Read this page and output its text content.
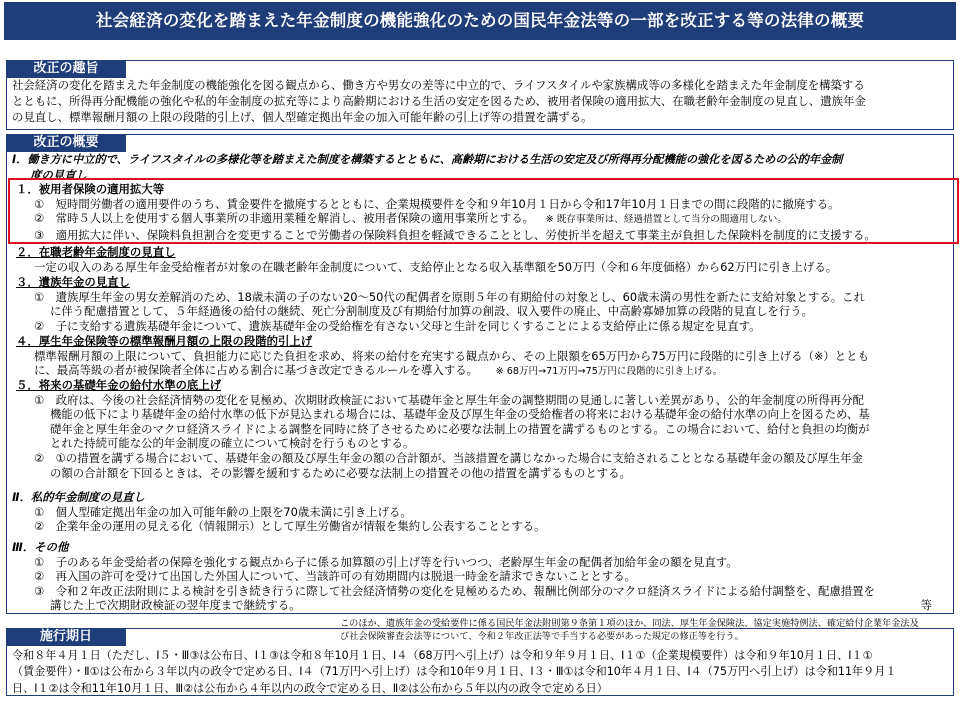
社会経済の変化を踏まえた年金制度の機能強化のための国民年金法等の一部を改正する等の法律の概要
改正の趣旨
社会経済の変化を踏まえた年金制度の機能強化を図る観点から、働き方や男女の差等に中立的で、ライフスタイルや家族構成等の多様化を踏まえた年金制度を構築する
とともに、所得再分配機能の強化や私的年金制度の拡充等により高齢期における生活の安定を図るため、被用者保険の適用拡大、在職老齢年金制度の見直し、遺族年金
の見直し、標準報酬月額の上限の段階的引上げ、個人型確定拠出年金の加入可能年齢の引上げ等の措置を講ずる。
改正の概要
Ⅰ．働き方に中立的で、ライフスタイルの多様化等を踏まえた制度を構築するとともに、高齢期における生活の安定及び所得再分配機能の強化を図るための公的年金制
度の見直し
１．被用者保険の適用拡大等
①　短時間労働者の適用要件のうち、賃金要件を撤廃するとともに、企業規模要件を令和９年10月１日から令和17年10月１日までの間に段階的に撤廃する。
②　常時５人以上を使用する個人事業所の非適用業種を解消し、被用者保険の適用事業所とする。 ※ 既存事業所は、経過措置として当分の間適用しない。
③　適用拡大に伴い、保険料負担割合を変更することで労働者の保険料負担を軽減できることとし、労使折半を超えて事業主が負担した保険料を制度的に支援する。
２．在職老齢年金制度の見直し
一定の収入のある厚生年金受給権者が対象の在職老齢年金制度について、支給停止となる収入基準額を50万円（令和６年度価格）から62万円に引き上げる。
３．遺族年金の見直し
①　遺族厚生年金の男女差解消のため、18歳未満の子のない20～50代の配偶者を原則５年の有期給付の対象とし、60歳未満の男性を新たに支給対象とする。これ
に伴う配慮措置として、５年経過後の給付の継続、死亡分割制度及び有期給付加算の創設、収入要件の廃止、中高齢寡婦加算の段階的見直しを行う。
②　子に支給する遺族基礎年金について、遺族基礎年金の受給権を有さない父母と生計を同じくすることによる支給停止に係る規定を見直す。
４．厚生年金保険等の標準報酬月額の上限の段階的引上げ
標準報酬月額の上限について、負担能力に応じた負担を求め、将来の給付を充実する観点から、その上限額を65万円から75万円に段階的に引き上げる（※）ととも
に、最高等級の者が被保険者全体に占める割合に基づき改定できるルールを導入する。 ※ 68万円→71万円→75万円に段階的に引き上げる。
５．将来の基礎年金の給付水準の底上げ
①　政府は、今後の社会経済情勢の変化を見極め、次期財政検証において基礎年金と厚生年金の調整期間の見通しに著しい差異があり、公的年金制度の所得再分配
機能の低下により基礎年金の給付水準の低下が見込まれる場合には、基礎年金及び厚生年金の受給権者の将来における基礎年金の給付水準の向上を図るため、基
礎年金と厚生年金のマクロ経済スライドによる調整を同時に終了させるために必要な法制上の措置を講ずるものとする。この場合において、給付と負担の均衡が
とれた持続可能な公的年金制度の確立について検討を行うものとする。
②　①の措置を講ずる場合において、基礎年金の額及び厚生年金の額の合計額が、当該措置を講じなかった場合に支給されることとなる基礎年金の額及び厚生年金
の額の合計額を下回るときは、その影響を緩和するために必要な法制上の措置その他の措置を講ずるものとする。
Ⅱ．私的年金制度の見直し
①　個人型確定拠出年金の加入可能年齢の上限を70歳未満に引き上げる。
②　企業年金の運用の見える化（情報開示）として厚生労働省が情報を集約し公表することとする。
Ⅲ．その他
①　子のある年金受給者の保障を強化する観点から子に係る加算額の引上げ等を行いつつ、老齢厚生年金の配偶者加給年金の額を見直す。
②　再入国の許可を受けて出国した外国人について、当該許可の有効期間内は脱退一時金を請求できないこととする。
③　令和２年改正法附則による検討を引き続き行うに際して社会経済情勢の変化を見極めるため、報酬比例部分のマクロ経済スライドによる給付調整を、配慮措置を
講じた上で次期財政検証の翌年度まで継続する。	等
このほか、遺族年金の受給要件に係る国民年金法附則第９条第１項のほか、同法、厚生年金保険法、協定実施特例法、確定給付企業年金法及
び社会保険審査会法等について、令和２年改正法等で手当する必要があった規定の修正等を行う。
施行期日
令和８年４月１日（ただし、Ⅰ５・Ⅲ③は公布日、Ⅰ１③は令和８年10月１日、Ⅰ４（68万円へ引上げ）は令和９年９月１日、Ⅰ１①（企業規模要件）は令和９年10月１日、Ⅰ１①
（賃金要件）・Ⅱ①は公布から３年以内の政令で定める日、Ⅰ４（71万円へ引上げ）は令和10年９月１日、Ⅰ３・Ⅲ①は令和10年４月１日、Ⅰ４（75万円へ引上げ）は令和11年９月１
日、Ⅰ１②は令和11年10月１日、Ⅲ②は公布から４年以内の政令で定める日、Ⅱ②は公布から５年以内の政令で定める日）
